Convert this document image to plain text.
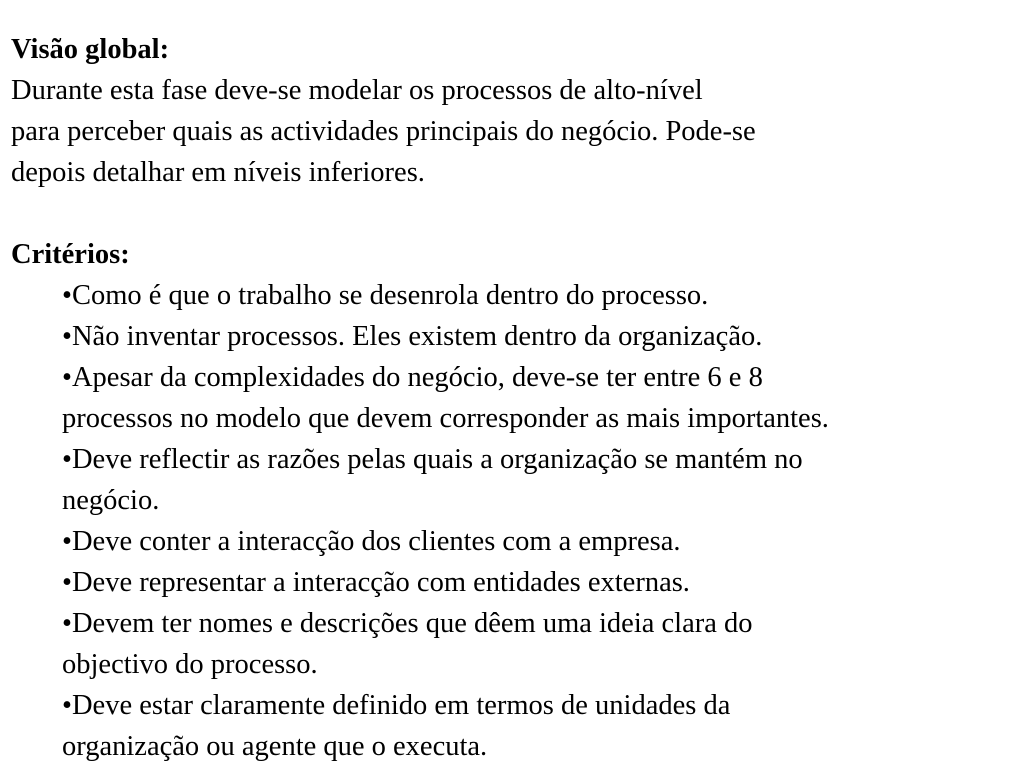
Visão global:

Durante esta fase deve-se modelar os processos de alto-nível

para perceber quais as actividades principais do negócio. Pode-se

depois detalhar em níveis inferiores.

Critérios:

•Como é que o trabalho se desenrola dentro do processo.
•Não inventar processos. Eles existem dentro da organização.
•Apesar da complexidades do negócio, deve-se ter entre 6 e 8
processos no modelo que devem corresponder as mais importantes.
•Deve reflectir as razões pelas quais a organização se mantém no
negócio.
•Deve conter a interacção dos clientes com a empresa.
•Deve representar a interacção com entidades externas.
•Devem ter nomes e descrições que dêem uma ideia clara do
objectivo do processo.
•Deve estar claramente definido em termos de unidades da
organização ou agente que o executa.
